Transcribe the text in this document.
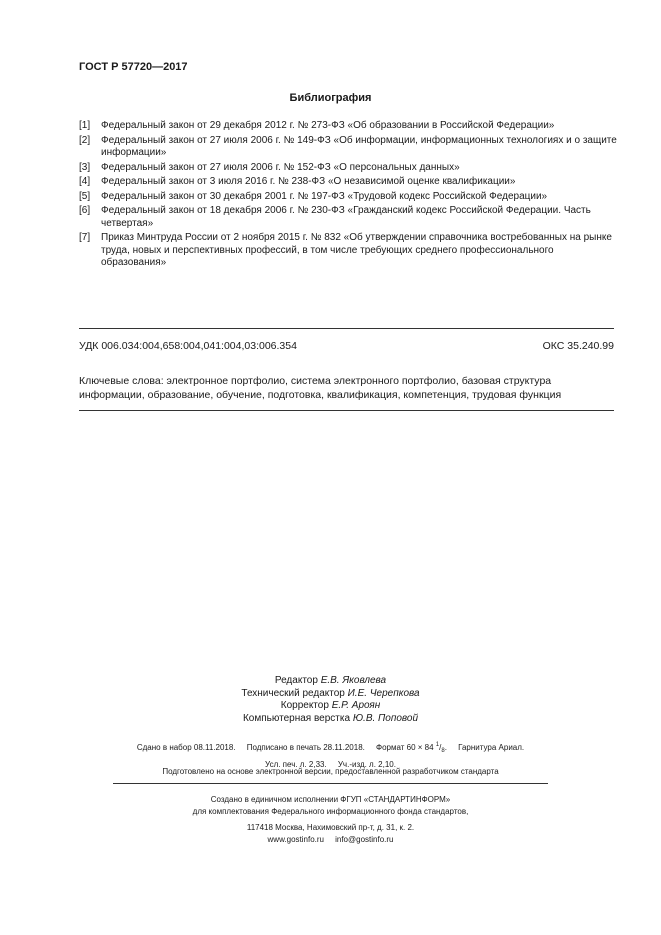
ГОСТ Р 57720—2017
Библиография
[1]	Федеральный закон от 29 декабря 2012 г. № 273-ФЗ «Об образовании в Российской Федерации»
[2]	Федеральный закон от 27 июля 2006 г. № 149-ФЗ «Об информации, информационных технологиях и о защите информации»
[3]	Федеральный закон от 27 июля 2006 г. № 152-ФЗ «О персональных данных»
[4]	Федеральный закон от 3 июля 2016 г. № 238-ФЗ «О независимой оценке квалификации»
[5]	Федеральный закон от 30 декабря 2001 г. № 197-ФЗ «Трудовой кодекс Российской Федерации»
[6]	Федеральный закон от 18 декабря 2006 г. № 230-ФЗ «Гражданский кодекс Российской Федерации. Часть четвертая»
[7]	Приказ Минтруда России от 2 ноября 2015 г. № 832 «Об утверждении справочника востребованных на рынке труда, новых и перспективных профессий, в том числе требующих среднего профессионального образования»
УДК 006.034:004,658:004,041:004,03:006.354	ОКС 35.240.99
Ключевые слова: электронное портфолио, система электронного портфолио, базовая структура информации, образование, обучение, подготовка, квалификация, компетенция, трудовая функция
Редактор Е.В. Яковлева
Технический редактор И.Е. Черепкова
Корректор Е.Р. Ароян
Компьютерная верстка Ю.В. Поповой
Сдано в набор 08.11.2018. Подписано в печать 28.11.2018. Формат 60 × 84 $^1/_8$. Гарнитура Ариал.
Усл. печ. л. 2,33. Уч.-изд. л. 2,10.
Подготовлено на основе электронной версии, предоставленной разработчиком стандарта
Создано в единичном исполнении ФГУП «СТАНДАРТИНФОРМ»
для комплектования Федерального информационного фонда стандартов,
117418 Москва, Нахимовский пр-т, д. 31, к. 2.
www.gostinfo.ru info@gostinfo.ru
